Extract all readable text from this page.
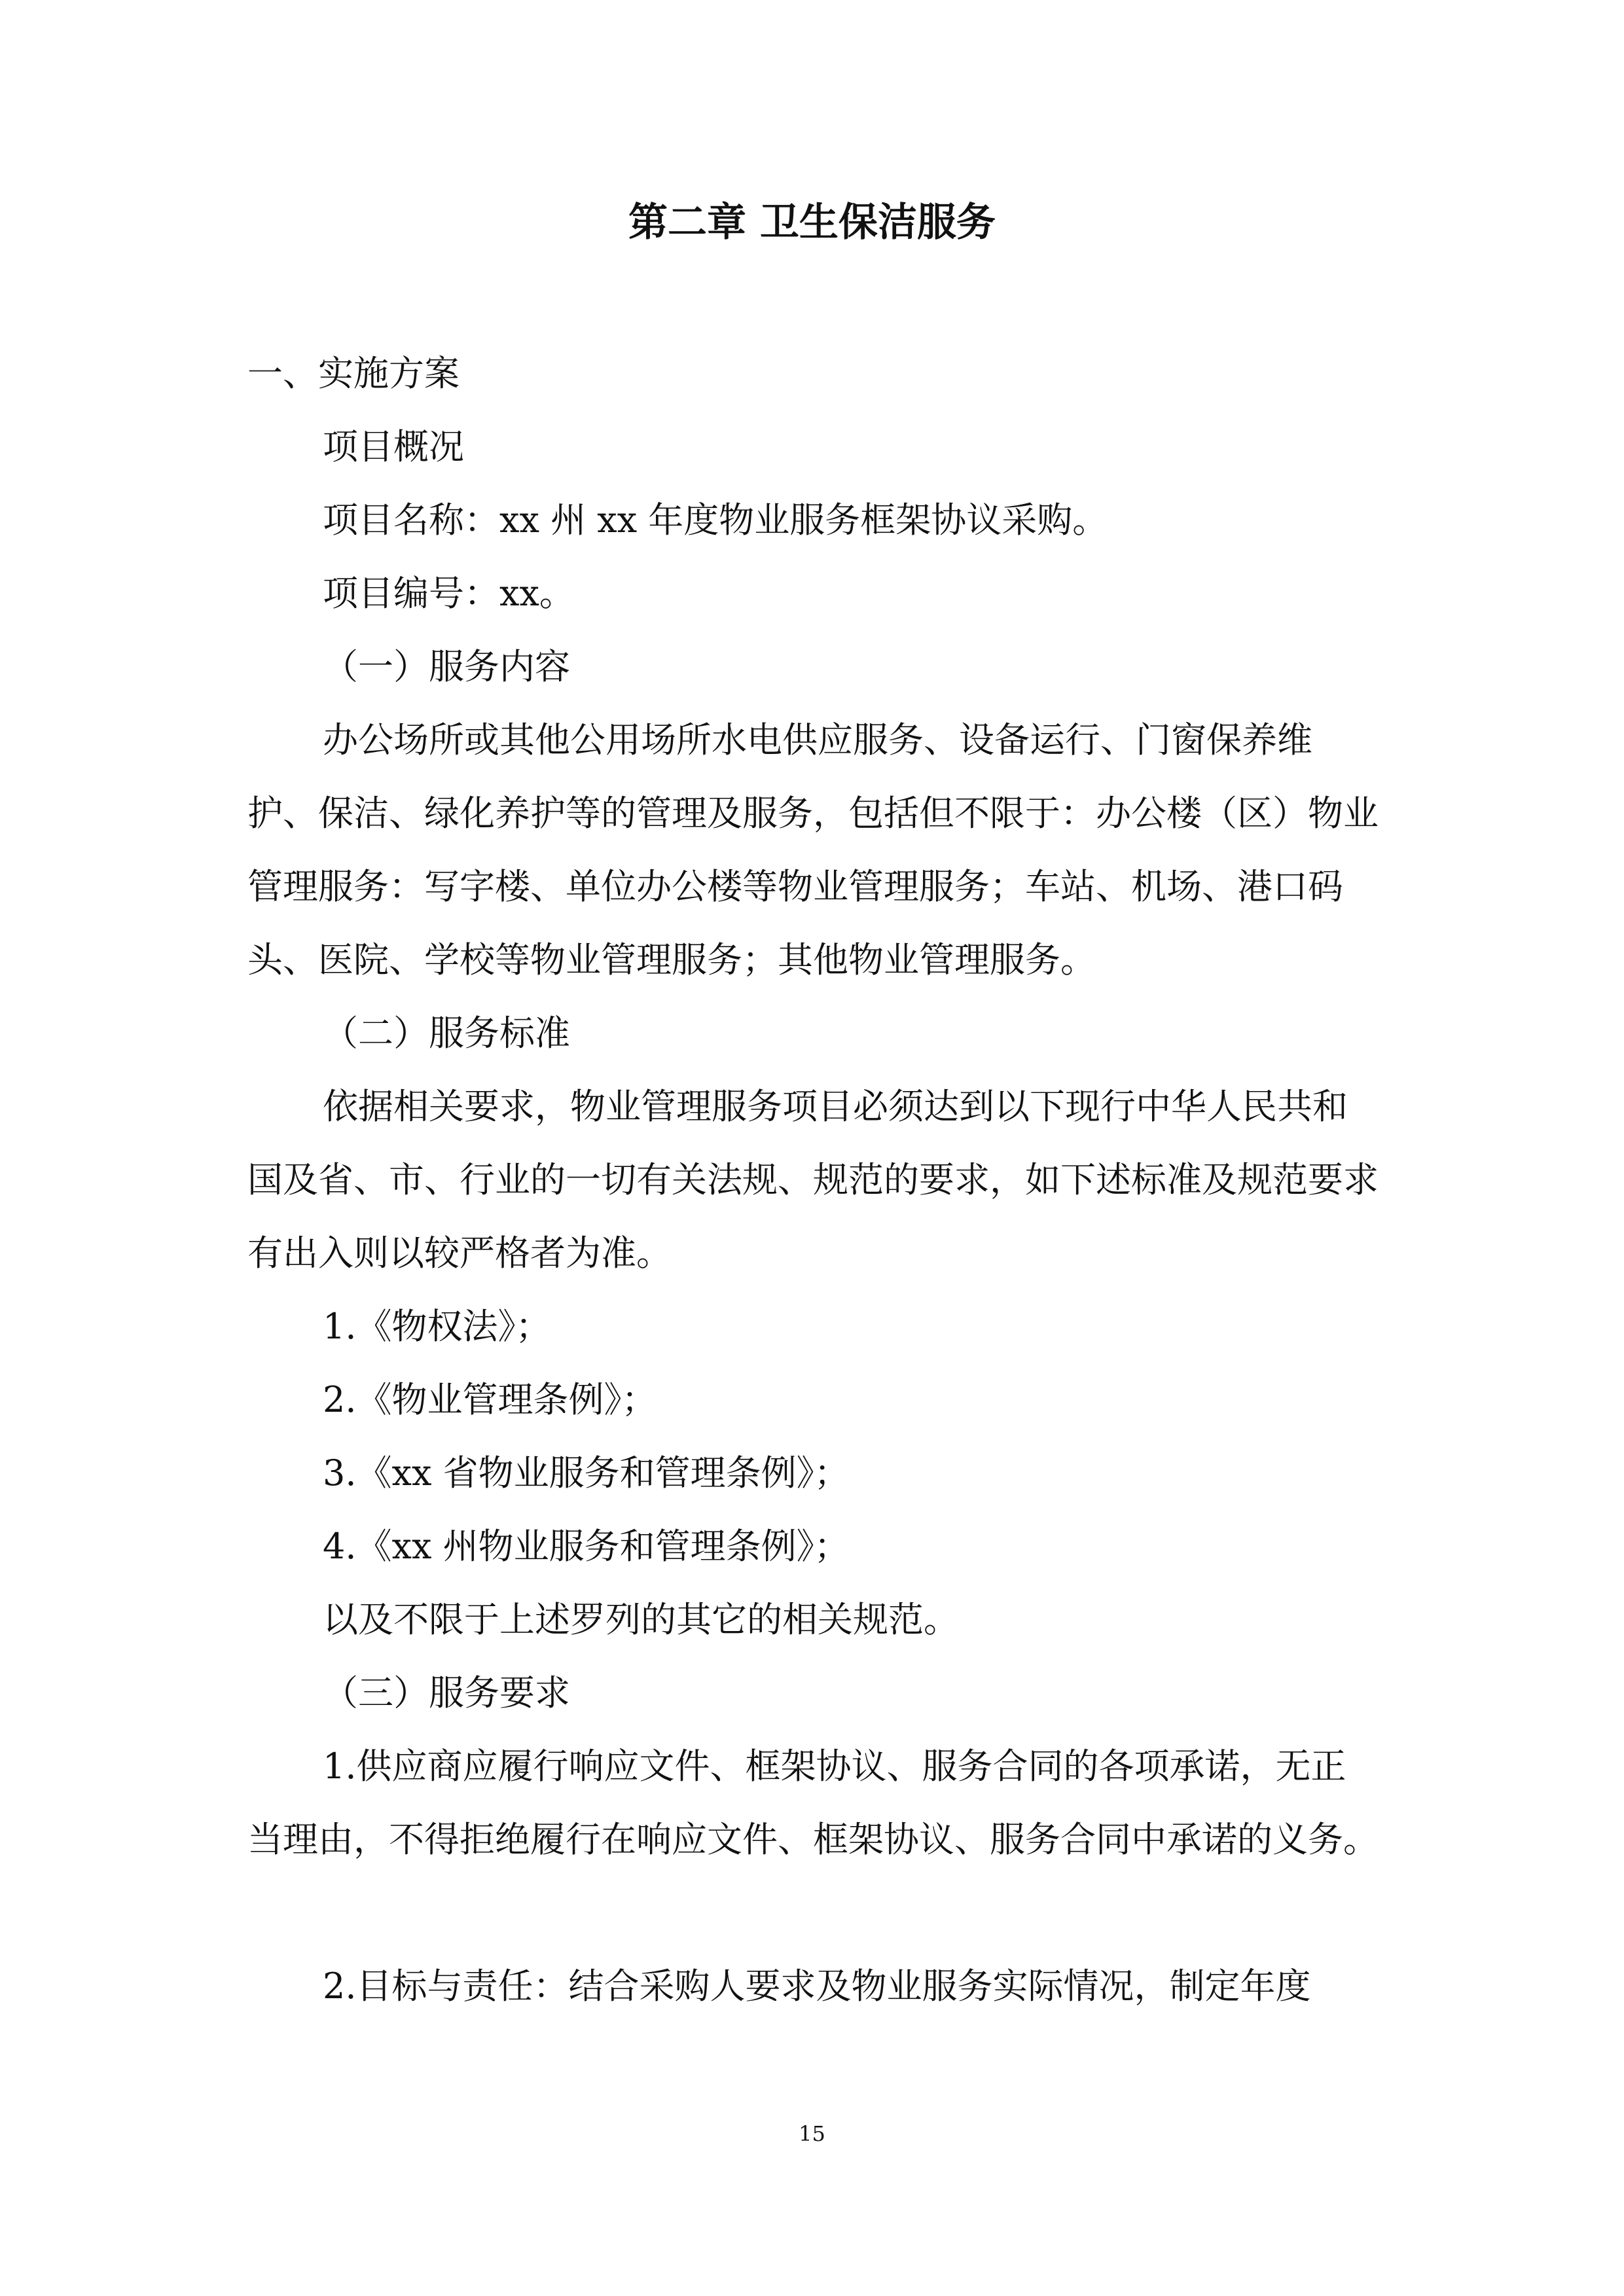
第二章 卫生保洁服务

一、实施方案

项目概况

项目名称：xx 州 xx 年度物业服务框架协议采购。

项目编号：xx。

（一）服务内容

办公场所或其他公用场所水电供应服务、设备运行、门窗保养维护、保洁、绿化养护等的管理及服务，包括但不限于：办公楼（区）物业管理服务：写字楼、单位办公楼等物业管理服务；车站、机场、港口码头、医院、学校等物业管理服务；其他物业管理服务。

（二）服务标准

依据相关要求，物业管理服务项目必须达到以下现行中华人民共和国及省、市、行业的一切有关法规、规范的要求，如下述标准及规范要求有出入则以较严格者为准。

1.《物权法》；

2.《物业管理条例》；

3.《xx 省物业服务和管理条例》；

4.《xx 州物业服务和管理条例》；

以及不限于上述罗列的其它的相关规范。

（三）服务要求

1.供应商应履行响应文件、框架协议、服务合同的各项承诺，无正当理由，不得拒绝履行在响应文件、框架协议、服务合同中承诺的义务。

2.目标与责任：结合采购人要求及物业服务实际情况，制定年度

15
